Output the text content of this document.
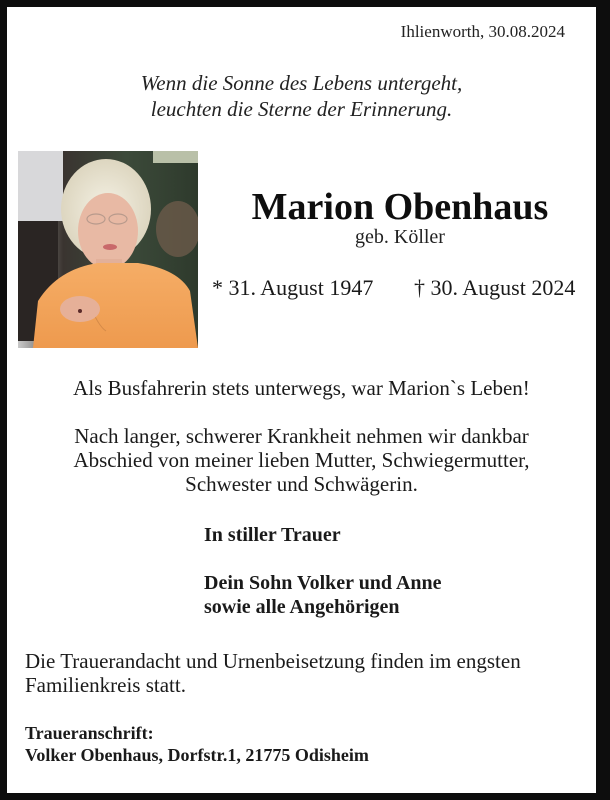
Ihlienworth, 30.08.2024
Wenn die Sonne des Lebens untergeht,
leuchten die Sterne der Erinnerung.
Marion Obenhaus
geb. Köller
* 31. August 1947 † 30. August 2024
Als Busfahrerin stets unterwegs, war Marion`s Leben!
Nach langer, schwerer Krankheit nehmen wir dankbar
Abschied von meiner lieben Mutter, Schwiegermutter,
Schwester und Schwägerin.
In stiller Trauer
Dein Sohn Volker und Anne
sowie alle Angehörigen
Die Trauerandacht und Urnenbeisetzung finden im engsten
Familienkreis statt.
Traueranschrift:
Volker Obenhaus, Dorfstr.1, 21775 Odisheim
